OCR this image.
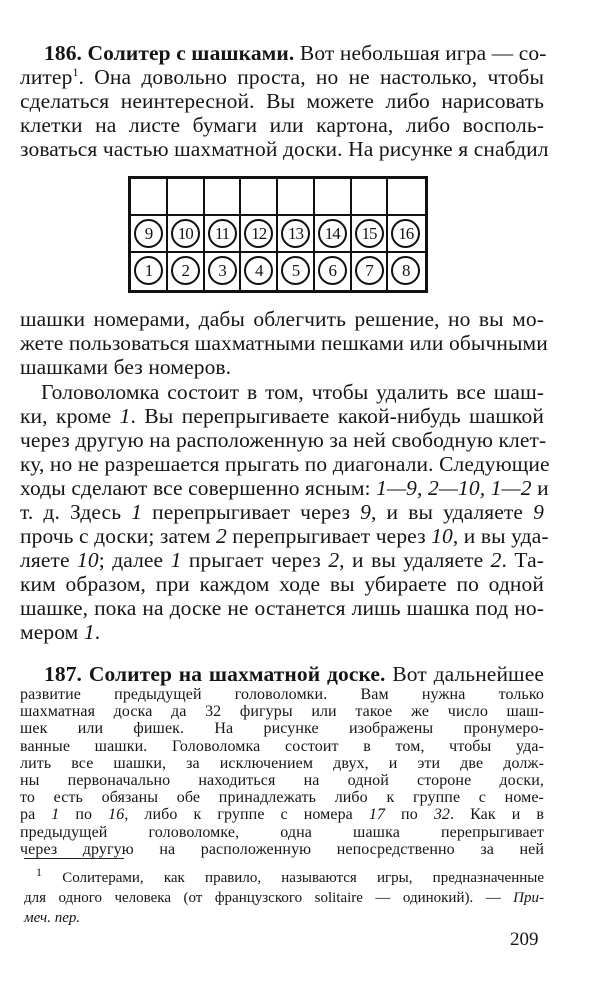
186. Солитер с шашками. Вот небольшая игра — со-
литер$^1$. Она довольно проста, но не настолько, чтобы
сделаться неинтересной. Вы можете либо нарисовать
клетки на листе бумаги или картона, либо восполь-
зоваться частью шахматной доски. На рисунке я снабдил
9	10	11	12	13	14	15	16
1	2	3	4	5	6	7	8
шашки номерами, дабы облегчить решение, но вы мо-
жете пользоваться шахматными пешками или обычными
шашками без номеров.
Головоломка состоит в том, чтобы удалить все шаш-
ки, кроме 1. Вы перепрыгиваете какой-нибудь шашкой
через другую на расположенную за ней свободную клет-
ку, но не разрешается прыгать по диагонали. Следующие
ходы сделают все совершенно ясным: 1—9, 2—10, 1—2 и
т. д. Здесь 1 перепрыгивает через 9, и вы удаляете 9
прочь с доски; затем 2 перепрыгивает через 10, и вы уда-
ляете 10; далее 1 прыгает через 2, и вы удаляете 2. Та-
ким образом, при каждом ходе вы убираете по одной
шашке, пока на доске не останется лишь шашка под но-
мером 1.
187. Солитер на шахматной доске. Вот дальнейшее
развитие предыдущей головоломки. Вам нужна только
шахматная доска да 32 фигуры или такое же число шаш-
шек или фишек. На рисунке изображены пронумеро-
ванные шашки. Головоломка состоит в том, чтобы уда-
лить все шашки, за исключением двух, и эти две долж-
ны первоначально находиться на одной стороне доски,
то есть обязаны обе принадлежать либо к группе с номе-
$^1$ Солитерами, как правило, называются игры, предназначенные
для одного человека (от французского solitaire — одинокий). — При-
меч. пер.
209
ра 1 по 16, либо к группе с номера 17 по 32. Как и в
предыдущей головоломке, одна шашка перепрыгивает
через другую на расположенную непосредственно за ней
